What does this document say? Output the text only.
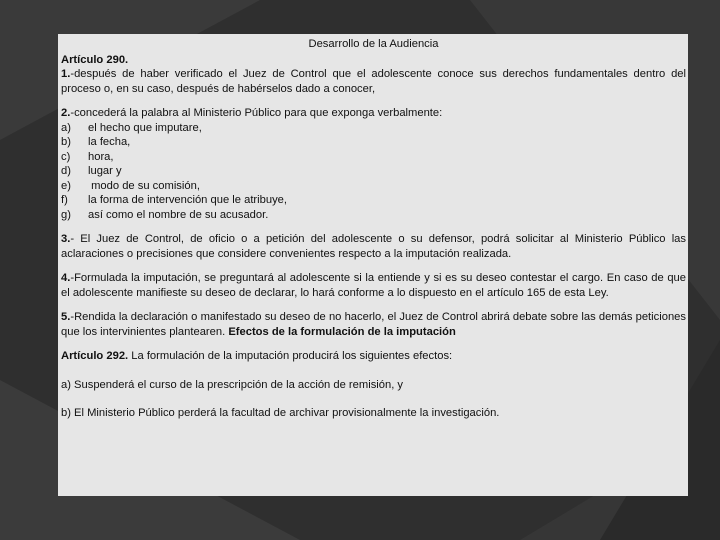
Desarrollo de la Audiencia

Artículo 290.

1.-después de haber verificado el Juez de Control que el adolescente conoce sus derechos fundamentales dentro del proceso o, en su caso, después de habérselos dado a conocer,

2.-concederá la palabra al Ministerio Público para que exponga verbalmente:

a)	el hecho que imputare,
b)	la fecha,
c)	hora,
d)	lugar y
e)	modo de su comisión,
f)	la forma de intervención que le atribuye,
g)	así como el nombre de su acusador.

3.- El Juez de Control, de oficio o a petición del adolescente o su defensor, podrá solicitar al Ministerio Público las aclaraciones o precisiones que considere convenientes respecto a la imputación realizada.

4.-Formulada la imputación, se preguntará al adolescente si la entiende y si es su deseo contestar el cargo. En caso de que el adolescente manifieste su deseo de declarar, lo hará conforme a lo dispuesto en el artículo 165 de esta Ley.

5.-Rendida la declaración o manifestado su deseo de no hacerlo, el Juez de Control abrirá debate sobre las demás peticiones que los intervinientes plantearen. Efectos de la formulación de la imputación

Artículo 292. La formulación de la imputación producirá los siguientes efectos:

a) Suspenderá el curso de la prescripción de la acción de remisión, y

b) El Ministerio Público perderá la facultad de archivar provisionalmente la investigación.
